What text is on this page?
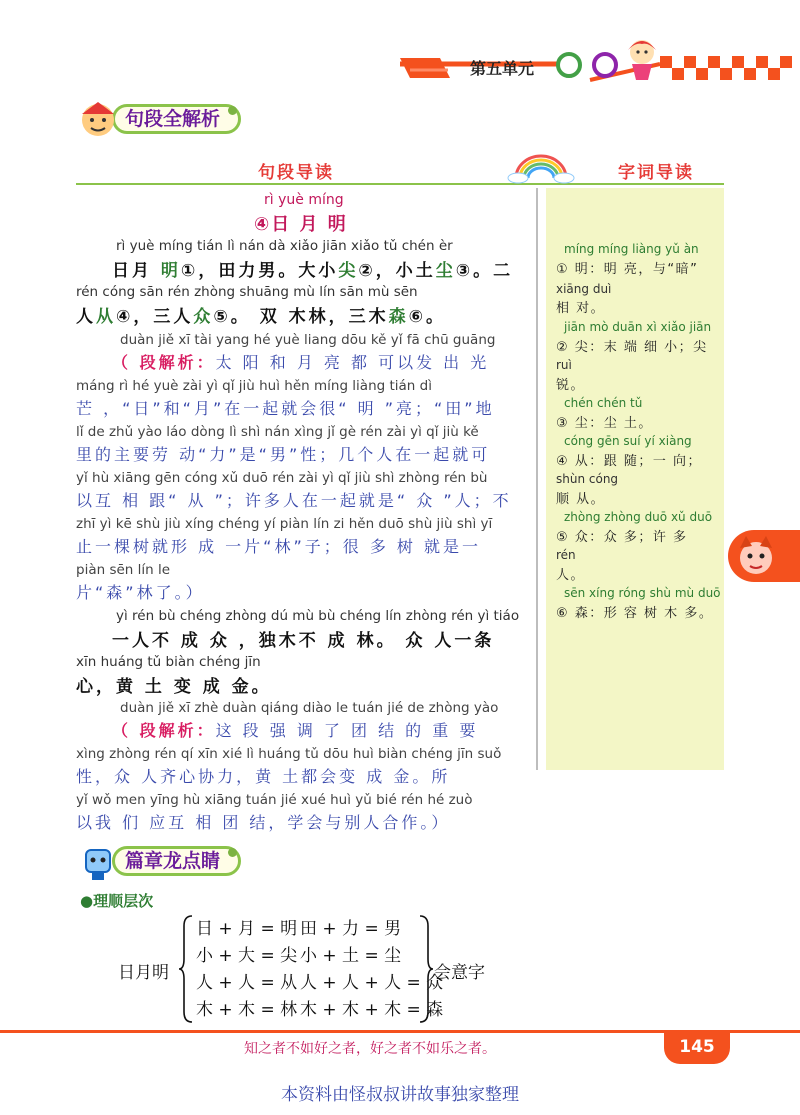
第五单元
句段全解析
句段导读	字词导读
rì yuè míng
④日 月 明
rì yuè míng tián lì nán dà xiǎo jiān xiǎo tǔ chén èr
日月 明①，田力男。大小尖②，小土尘③。二
rén cóng sān rén zhòng shuāng mù lín sān mù sēn
人从④，三人众⑤。 双 木林，三木森⑥。
duàn jiě xī tài yang hé yuè liang dōu kě yǐ fā chū guāng
（ 段解析：太 阳 和 月 亮 都 可以发 出 光
máng rì hé yuè zài yì qǐ jiù huì hěn míng liàng tián dì
芒 ，“日”和“月”在一起就会很“ 明 ”亮；“田”地
lǐ de zhǔ yào láo dòng lì shì nán xìng jǐ gè rén zài yì qǐ jiù kě
里的主要劳 动“力”是“男”性；几个人在一起就可
yǐ hù xiāng gēn cóng xǔ duō rén zài yì qǐ jiù shì zhòng rén bù
以互 相 跟“ 从 ”；许多人在一起就是“ 众 ”人；不
zhī yì kē shù jiù xíng chéng yí piàn lín zi hěn duō shù jiù shì yī
止一棵树就形 成 一片“林”子；很 多 树 就是一
piàn sēn lín le
片“森”林了。）
yì rén bù chéng zhòng dú mù bù chéng lín zhòng rén yì tiáo
一人不 成 众 ，独木不 成 林。 众 人一条
xīn huáng tǔ biàn chéng jīn
心，黄 土 变 成 金。
duàn jiě xī zhè duàn qiáng diào le tuán jié de zhòng yào
（ 段解析：这 段 强 调 了 团 结 的 重 要
xìng zhòng rén qí xīn xié lì huáng tǔ dōu huì biàn chéng jīn suǒ
性，众 人齐心协力，黄 土都会变 成 金。所
yǐ wǒ men yīng hù xiāng tuán jié xué huì yǔ bié rén hé zuò
以我 们 应互 相 团 结，学会与别人合作。）
míng míng liàng yǔ àn
① 明：明 亮，与“暗”
xiāng duì
相 对。
jiān mò duān xì xiǎo jiān
② 尖：末 端 细 小；尖
ruì
锐。
chén chén tǔ
③ 尘：尘 土。
cóng gēn suí yí xiàng
④ 从：跟 随；一 向；
shùn cóng
顺 从。
zhòng zhòng duō xǔ duō
⑤ 众：众 多；许 多
rén
人。
sēn xíng róng shù mù duō
⑥ 森：形 容 树 木 多。
篇章龙点睛
●理顺层次
日月明
日 + 月 = 明 田 + 力 = 男
小 + 大 = 尖 小 + 土 = 尘
人 + 人 = 从 人 + 人 + 人 = 众
木 + 木 = 林 木 + 木 + 木 = 森
会意字
知之者不如好之者，好之者不如乐之者。	145
本资料由怪叔叔讲故事独家整理
